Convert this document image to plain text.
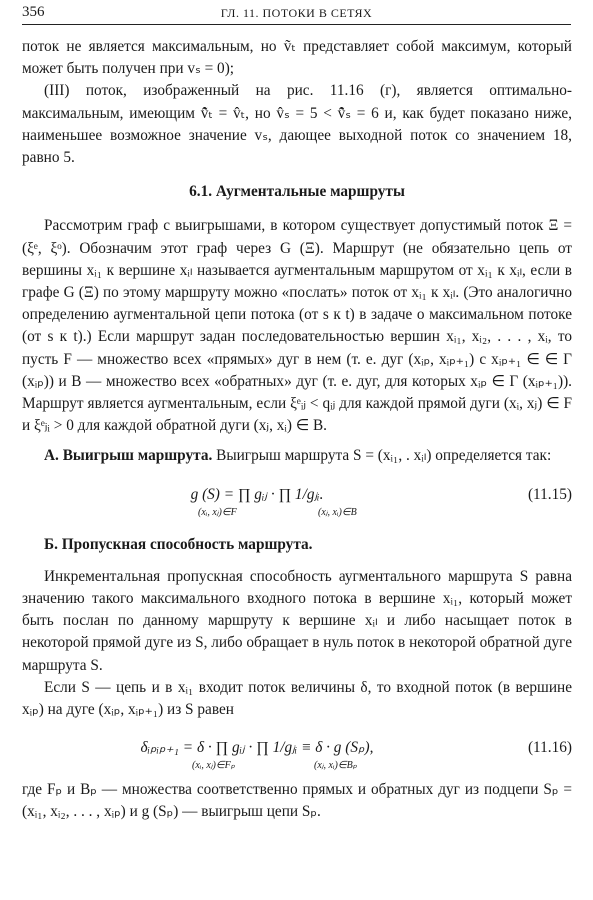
356	ГЛ. 11. ПОТОКИ В СЕТЯХ

поток не является максимальным, но ṽₜ представляет собой максимум, который может быть получен при vₛ = 0);

(III) поток, изображенный на рис. 11.16 (г), является оптимально-максимальным, имеющим v̂̃ₜ = v̂ₜ, но v̂ₛ = 5 < v̂̃ₛ = 6 и, как будет показано ниже, наименьшее возможное значение vₛ, дающее выходной поток со значением 18, равно 5.

6.1. Аугментальные маршруты

Рассмотрим граф с выигрышами, в котором существует допустимый поток Ξ = (ξᵉ, ξᵒ). Обозначим этот граф через G (Ξ). Маршрут (не обязательно цепь от вершины xᵢ₁ к вершине xᵢₗ называется аугментальным маршрутом от xᵢ₁ к xᵢₗ, если в графе G (Ξ) по этому маршруту можно «послать» поток от xᵢ₁ к xᵢₗ. (Это аналогично определению аугментальной цепи потока (от s к t) в задаче о максимальном потоке (от s к t).) Если маршрут задан последовательностью вершин xᵢ₁, xᵢ₂, . . . , xᵢ, то пусть F — множество всех «прямых» дуг в нем (т. е. дуг (xᵢₚ, xᵢₚ₊₁) с xᵢₚ₊₁ ∈ ∈ Γ (xᵢₚ)) и B — множество всех «обратных» дуг (т. е. дуг, для которых xᵢₚ ∈ Γ (xᵢₚ₊₁)). Маршрут является аугментальным, если ξᵉᵢⱼ < qᵢⱼ для каждой прямой дуги (xᵢ, xⱼ) ∈ F и ξᵉⱼᵢ > 0 для каждой обратной дуги (xⱼ, xᵢ) ∈ B.

A. Выигрыш маршрута. Выигрыш маршрута S = (xᵢ₁, . xᵢₗ) определяется так:

g (S) = ∏ gᵢⱼ · ∏ 1/gⱼᵢ.
(xᵢ, xⱼ)∈F	(xⱼ, xᵢ)∈B
(11.15)

Б. Пропускная способность маршрута.

Инкрементальная пропускная способность аугментального маршрута S равна значению такого максимального входного потока в вершине xᵢ₁, который может быть послан по данному маршруту к вершине xᵢₗ и либо насыщает поток в некоторой прямой дуге из S, либо обращает в нуль поток в некоторой обратной дуге маршрута S.

Если S — цепь и в xᵢ₁ входит поток величины δ, то входной поток (в вершине xᵢₚ) на дуге (xᵢₚ, xᵢₚ₊₁) из S равен

δᵢₚᵢₚ₊₁ = δ · ∏ gᵢⱼ · ∏ 1/gⱼᵢ ≡ δ · g (Sₚ),
(xᵢ, xⱼ)∈Fₚ	(xⱼ, xᵢ)∈Bₚ
(11.16)

где Fₚ и Bₚ — множества соответственно прямых и обратных дуг из подцепи Sₚ = (xᵢ₁, xᵢ₂, . . . , xᵢₚ) и g (Sₚ) — выигрыш цепи Sₚ.
